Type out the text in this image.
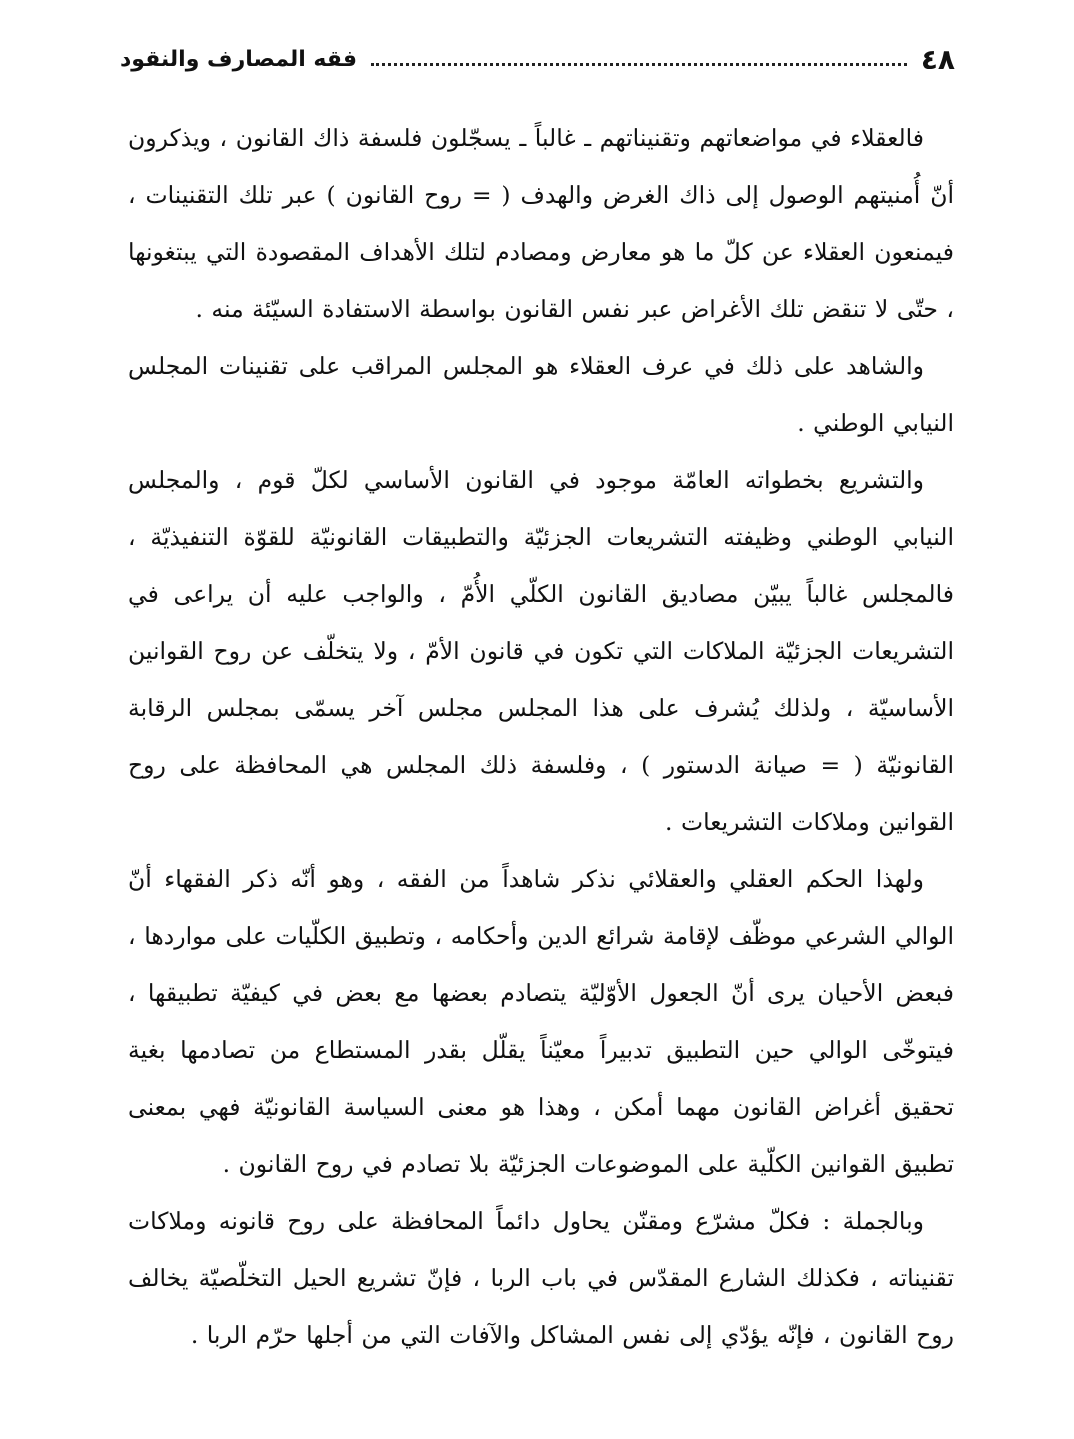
٤٨
فقه المصارف والنقود

فالعقلاء في مواضعاتهم وتقنيناتهم ـ غالباً ـ يسجّلون فلسفة ذاك القانون ، ويذكرون أنّ أُمنيتهم الوصول إلى ذاك الغرض والهدف ( = روح القانون ) عبر تلك التقنينات ، فيمنعون العقلاء عن كلّ ما هو معارض ومصادم لتلك الأهداف المقصودة التي يبتغونها ، حتّى لا تنقض تلك الأغراض عبر نفس القانون بواسطة الاستفادة السيّئة منه .

والشاهد على ذلك في عرف العقلاء هو المجلس المراقب على تقنينات المجلس النيابي الوطني .

والتشريع بخطواته العامّة موجود في القانون الأساسي لكلّ قوم ، والمجلس النيابي الوطني وظيفته التشريعات الجزئيّة والتطبيقات القانونيّة للقوّة التنفيذيّة ، فالمجلس غالباً يبيّن مصاديق القانون الكلّي الأُمّ ، والواجب عليه أن يراعى في التشريعات الجزئيّة الملاكات التي تكون في قانون الأمّ ، ولا يتخلّف عن روح القوانين الأساسيّة ، ولذلك يُشرف على هذا المجلس مجلس آخر يسمّى بمجلس الرقابة القانونيّة ( = صيانة الدستور ) ، وفلسفة ذلك المجلس هي المحافظة على روح القوانين وملاكات التشريعات .

ولهذا الحكم العقلي والعقلائي نذكر شاهداً من الفقه ، وهو أنّه ذكر الفقهاء أنّ الوالي الشرعي موظّف لإقامة شرائع الدين وأحكامه ، وتطبيق الكلّيات على مواردها ، فبعض الأحيان يرى أنّ الجعول الأوّليّة يتصادم بعضها مع بعض في كيفيّة تطبيقها ، فيتوخّى الوالي حين التطبيق تدبيراً معيّناً يقلّل بقدر المستطاع من تصادمها بغية تحقيق أغراض القانون مهما أمكن ، وهذا هو معنى السياسة القانونيّة فهي بمعنى تطبيق القوانين الكلّية على الموضوعات الجزئيّة بلا تصادم في روح القانون .

وبالجملة : فكلّ مشرّع ومقنّن يحاول دائماً المحافظة على روح قانونه وملاكات تقنيناته ، فكذلك الشارع المقدّس في باب الربا ، فإنّ تشريع الحيل التخلّصيّة يخالف روح القانون ، فإنّه يؤدّي إلى نفس المشاكل والآفات التي من أجلها حرّم الربا .
